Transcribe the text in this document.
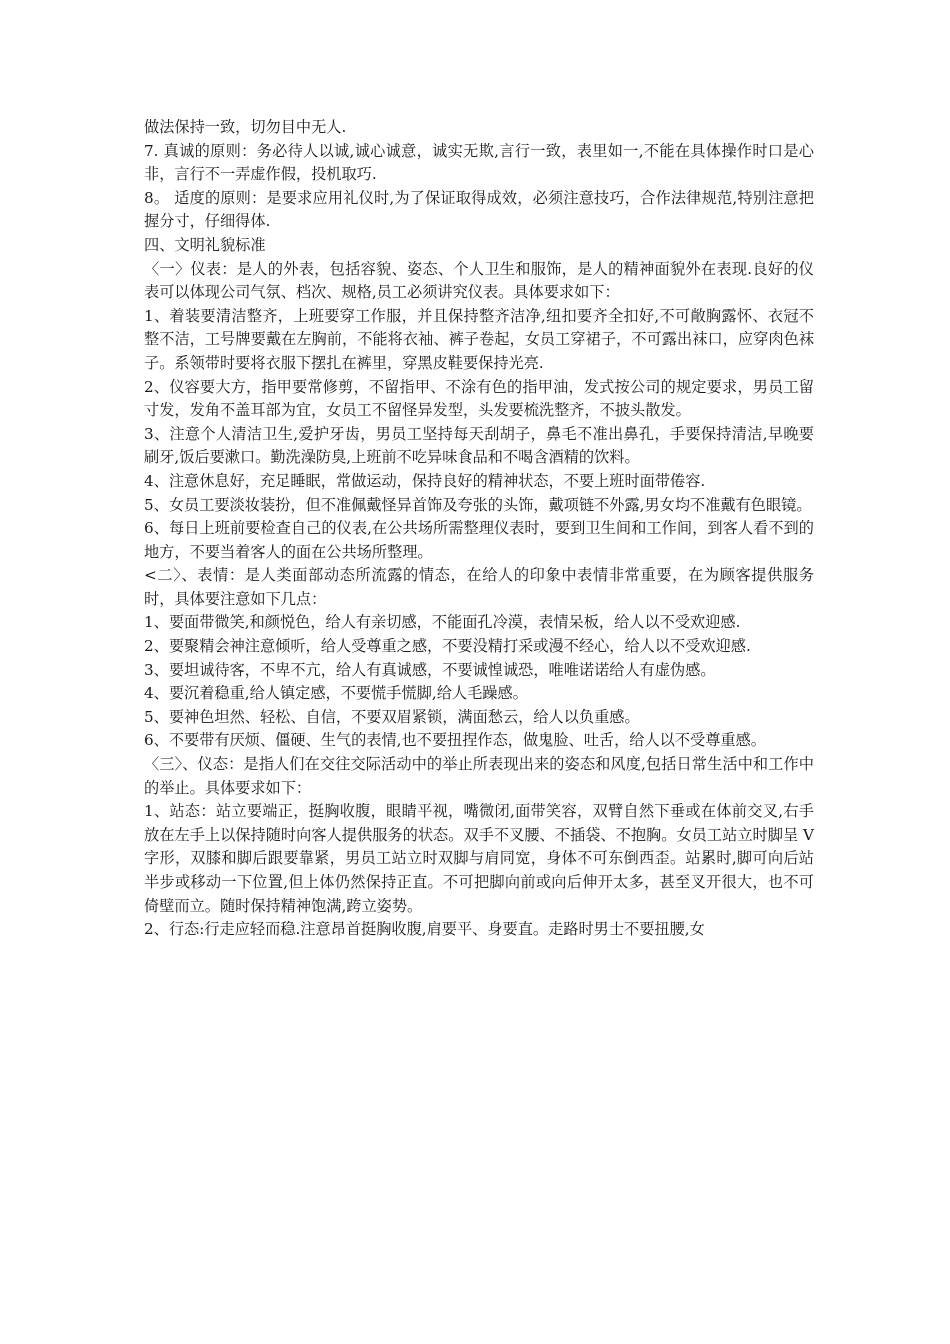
做法保持一致，切勿目中无人.

7. 真诚的原则：务必待人以诚,诚心诚意，诚实无欺,言行一致，表里如一,不能在具体操作时口是心非，言行不一弄虚作假，投机取巧.

8。 适度的原则：是要求应用礼仪时,为了保证取得成效，必须注意技巧，合作法律规范,特别注意把握分寸，仔细得体.

四、文明礼貌标准

〈一〉仪表：是人的外表，包括容貌、姿态、个人卫生和服饰，是人的精神面貌外在表现.良好的仪表可以体现公司气氛、档次、规格,员工必须讲究仪表。具体要求如下：

1、着装要清洁整齐，上班要穿工作服，并且保持整齐洁净,纽扣要齐全扣好,不可敞胸露怀、衣冠不整不洁，工号牌要戴在左胸前，不能将衣袖、裤子卷起，女员工穿裙子，不可露出袜口，应穿肉色袜子。系领带时要将衣服下摆扎在裤里，穿黑皮鞋要保持光亮.

2、仪容要大方，指甲要常修剪，不留指甲、不涂有色的指甲油，发式按公司的规定要求，男员工留寸发，发角不盖耳部为宜，女员工不留怪异发型，头发要梳洗整齐，不披头散发。

3、注意个人清洁卫生,爱护牙齿，男员工坚持每天刮胡子，鼻毛不准出鼻孔，手要保持清洁,早晚要刷牙,饭后要漱口。勤洗澡防臭,上班前不吃异味食品和不喝含酒精的饮料。

4、注意休息好，充足睡眠，常做运动，保持良好的精神状态，不要上班时面带倦容.

5、女员工要淡妆装扮，但不准佩戴怪异首饰及夸张的头饰，戴项链不外露,男女均不准戴有色眼镜。

6、每日上班前要检查自己的仪表,在公共场所需整理仪表时，要到卫生间和工作间，到客人看不到的地方，不要当着客人的面在公共场所整理。

<二〉、表情：是人类面部动态所流露的情态，在给人的印象中表情非常重要，在为顾客提供服务时，具体要注意如下几点：

1、要面带微笑,和颜悦色，给人有亲切感，不能面孔冷漠，表情呆板，给人以不受欢迎感.

2、要聚精会神注意倾听，给人受尊重之感，不要没精打采或漫不经心，给人以不受欢迎感.

3、要坦诚待客，不卑不亢，给人有真诚感，不要诚惶诚恐，唯唯诺诺给人有虚伪感。

4、要沉着稳重,给人镇定感，不要慌手慌脚,给人毛躁感。

5、要神色坦然、轻松、自信，不要双眉紧锁，满面愁云，给人以负重感。

6、不要带有厌烦、僵硬、生气的表情,也不要扭捏作态，做鬼脸、吐舌，给人以不受尊重感。

〈三〉、仪态：是指人们在交往交际活动中的举止所表现出来的姿态和风度,包括日常生活中和工作中的举止。具体要求如下：

1、站态：站立要端正，挺胸收腹，眼睛平视，嘴微闭,面带笑容，双臂自然下垂或在体前交叉,右手放在左手上以保持随时向客人提供服务的状态。双手不叉腰、不插袋、不抱胸。女员工站立时脚呈 V 字形，双膝和脚后跟要靠紧，男员工站立时双脚与肩同宽，身体不可东倒西歪。站累时,脚可向后站半步或移动一下位置,但上体仍然保持正直。不可把脚向前或向后伸开太多，甚至叉开很大，也不可倚壁而立。随时保持精神饱满,跨立姿势。

2、行态:行走应轻而稳.注意昂首挺胸收腹,肩要平、身要直。走路时男士不要扭腰,女
